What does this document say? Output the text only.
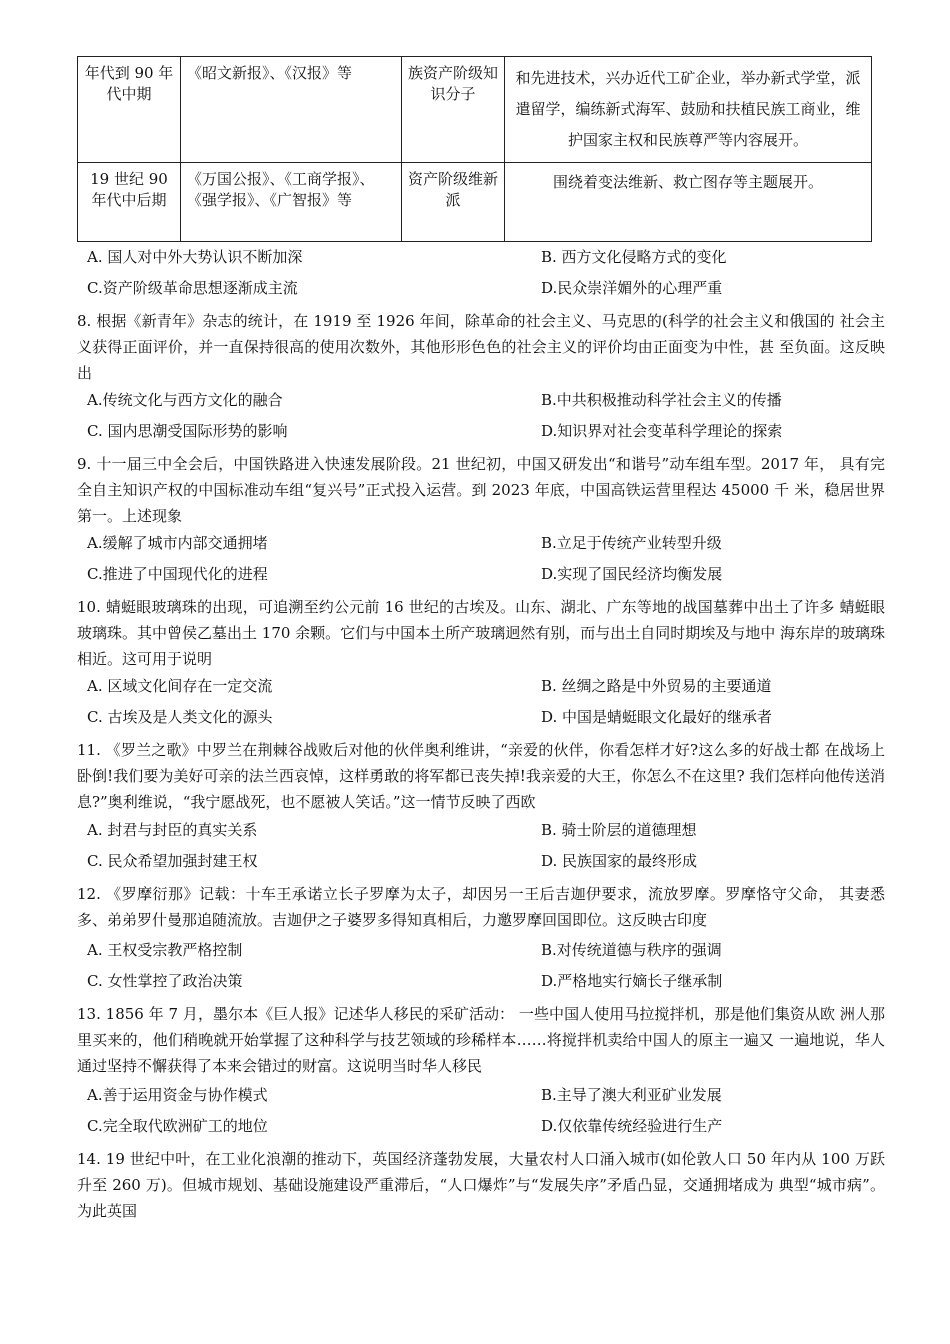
年代到 90 年代中期	《昭文新报》、《汉报》等	族资产阶级知识分子	和先进技术，兴办近代工矿企业，举办新式学堂，派遣留学，编练新式海军、鼓励和扶植民族工商业，维护国家主权和民族尊严等内容展开。
19 世纪 90 年代中后期	《万国公报》、《工商学报》、《强学报》、《广智报》等	资产阶级维新派	围绕着变法维新、救亡图存等主题展开。
A. 国人对中外大势认识不断加深	B. 西方文化侵略方式的变化
C.资产阶级革命思想逐渐成主流	D.民众崇洋媚外的心理严重
8. 根据《新青年》杂志的统计，在 1919 至 1926 年间，除革命的社会主义、马克思的(科学的社会主义和俄国的 社会主义获得正面评价，并一直保持很高的使用次数外，其他形形色色的社会主义的评价均由正面变为中性，甚 至负面。这反映出
A.传统文化与西方文化的融合	B.中共积极推动科学社会主义的传播
C. 国内思潮受国际形势的影响	D.知识界对社会变革科学理论的探索
9. 十一届三中全会后，中国铁路进入快速发展阶段。21 世纪初，中国又研发出“和谐号”动车组车型。2017 年， 具有完全自主知识产权的中国标准动车组“复兴号”正式投入运营。到 2023 年底，中国高铁运营里程达 45000 千 米，稳居世界第一。上述现象
A.缓解了城市内部交通拥堵	B.立足于传统产业转型升级
C.推进了中国现代化的进程	D.实现了国民经济均衡发展
10. 蜻蜓眼玻璃珠的出现，可追溯至约公元前 16 世纪的古埃及。山东、湖北、广东等地的战国墓葬中出土了许多 蜻蜓眼玻璃珠。其中曾侯乙墓出土 170 余颗。它们与中国本土所产玻璃迥然有别，而与出土自同时期埃及与地中 海东岸的玻璃珠相近。这可用于说明
A. 区域文化间存在一定交流	B. 丝绸之路是中外贸易的主要通道
C. 古埃及是人类文化的源头	D. 中国是蜻蜓眼文化最好的继承者
11. 《罗兰之歌》中罗兰在荆棘谷战败后对他的伙伴奥利维讲，“亲爱的伙伴，你看怎样才好?这么多的好战士都 在战场上卧倒!我们要为美好可亲的法兰西哀悼，这样勇敢的将军都已丧失掉!我亲爱的大王，你怎么不在这里? 我们怎样向他传送消息?”奥利维说，“我宁愿战死，也不愿被人笑话。”这一情节反映了西欧
A. 封君与封臣的真实关系	B. 骑士阶层的道德理想
C. 民众希望加强封建王权	D. 民族国家的最终形成
12. 《罗摩衍那》记载：十车王承诺立长子罗摩为太子，却因另一王后吉迦伊要求，流放罗摩。罗摩恪守父命， 其妻悉多、弟弟罗什曼那追随流放。吉迦伊之子婆罗多得知真相后，力邀罗摩回国即位。这反映古印度
A. 王权受宗教严格控制	B.对传统道德与秩序的强调
C. 女性掌控了政治决策	D.严格地实行嫡长子继承制
13. 1856 年 7 月，墨尔本《巨人报》记述华人移民的采矿活动： 一些中国人使用马拉搅拌机，那是他们集资从欧 洲人那里买来的，他们稍晚就开始掌握了这种科学与技艺领域的珍稀样本……将搅拌机卖给中国人的原主一遍又 一遍地说，华人通过坚持不懈获得了本来会错过的财富。这说明当时华人移民
A.善于运用资金与协作模式	B.主导了澳大利亚矿业发展
C.完全取代欧洲矿工的地位	D.仅依靠传统经验进行生产
14. 19 世纪中叶，在工业化浪潮的推动下，英国经济蓬勃发展，大量农村人口涌入城市(如伦敦人口 50 年内从 100 万跃升至 260 万)。但城市规划、基础设施建设严重滞后，“人口爆炸”与“发展失序”矛盾凸显，交通拥堵成为 典型“城市病”。为此英国
